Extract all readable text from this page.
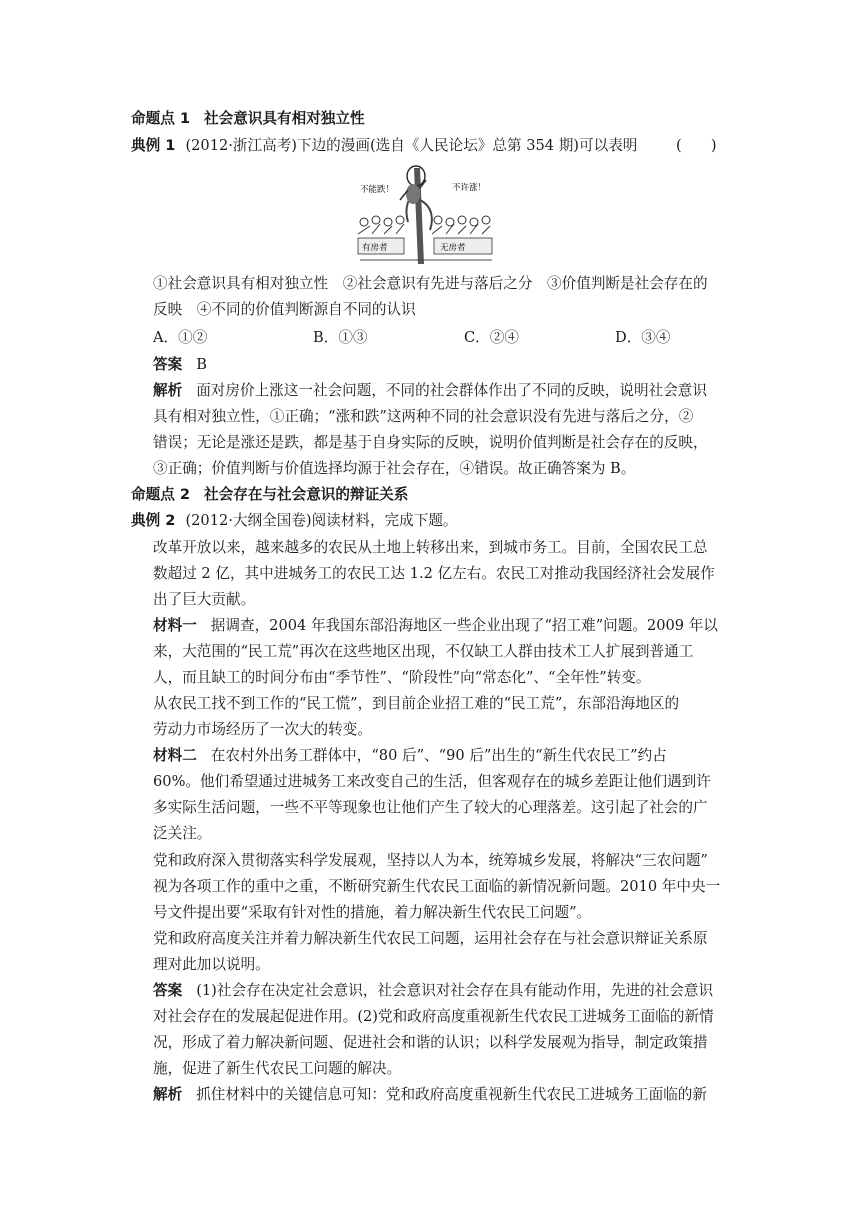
命题点 1 社会意识具有相对独立性
典例 1 (2012·浙江高考)下边的漫画(选自《人民论坛》总第 354 期)可以表明	(　　)
不能跌！	不许涨！
有房者	无房者
①社会意识具有相对独立性　②社会意识有先进与落后之分　③价值判断是社会存在的
反映　④不同的价值判断源自不同的认识
A．①②	B．①③	C．②④	D．③④
答案 B
解析 面对房价上涨这一社会问题，不同的社会群体作出了不同的反映，说明社会意识
具有相对独立性，①正确；“涨和跌”这两种不同的社会意识没有先进与落后之分，②
错误；无论是涨还是跌，都是基于自身实际的反映，说明价值判断是社会存在的反映，
③正确；价值判断与价值选择均源于社会存在，④错误。故正确答案为 B。
命题点 2 社会存在与社会意识的辩证关系
典例 2 (2012·大纲全国卷)阅读材料，完成下题。
改革开放以来，越来越多的农民从土地上转移出来，到城市务工。目前，全国农民工总
数超过 2 亿，其中进城务工的农民工达 1.2 亿左右。农民工对推动我国经济社会发展作
出了巨大贡献。
材料一 据调查，2004 年我国东部沿海地区一些企业出现了“招工难”问题。2009 年以
来，大范围的“民工荒”再次在这些地区出现，不仅缺工人群由技术工人扩展到普通工
人，而且缺工的时间分布由“季节性”、“阶段性”向“常态化”、“全年性”转变。
从农民工找不到工作的“民工慌”，到目前企业招工难的“民工荒”，东部沿海地区的
劳动力市场经历了一次大的转变。
材料二 在农村外出务工群体中，“80 后”、“90 后”出生的“新生代农民工”约占
60%。他们希望通过进城务工来改变自己的生活，但客观存在的城乡差距让他们遇到许
多实际生活问题，一些不平等现象也让他们产生了较大的心理落差。这引起了社会的广
泛关注。
党和政府深入贯彻落实科学发展观，坚持以人为本，统筹城乡发展，将解决“三农问题”
视为各项工作的重中之重，不断研究新生代农民工面临的新情况新问题。2010 年中央一
号文件提出要“采取有针对性的措施，着力解决新生代农民工问题”。
党和政府高度关注并着力解决新生代农民工问题，运用社会存在与社会意识辩证关系原
理对此加以说明。
答案 (1)社会存在决定社会意识，社会意识对社会存在具有能动作用，先进的社会意识
对社会存在的发展起促进作用。(2)党和政府高度重视新生代农民工进城务工面临的新情
况，形成了着力解决新问题、促进社会和谐的认识；以科学发展观为指导，制定政策措
施，促进了新生代农民工问题的解决。
解析 抓住材料中的关键信息可知：党和政府高度重视新生代农民工进城务工面临的新
